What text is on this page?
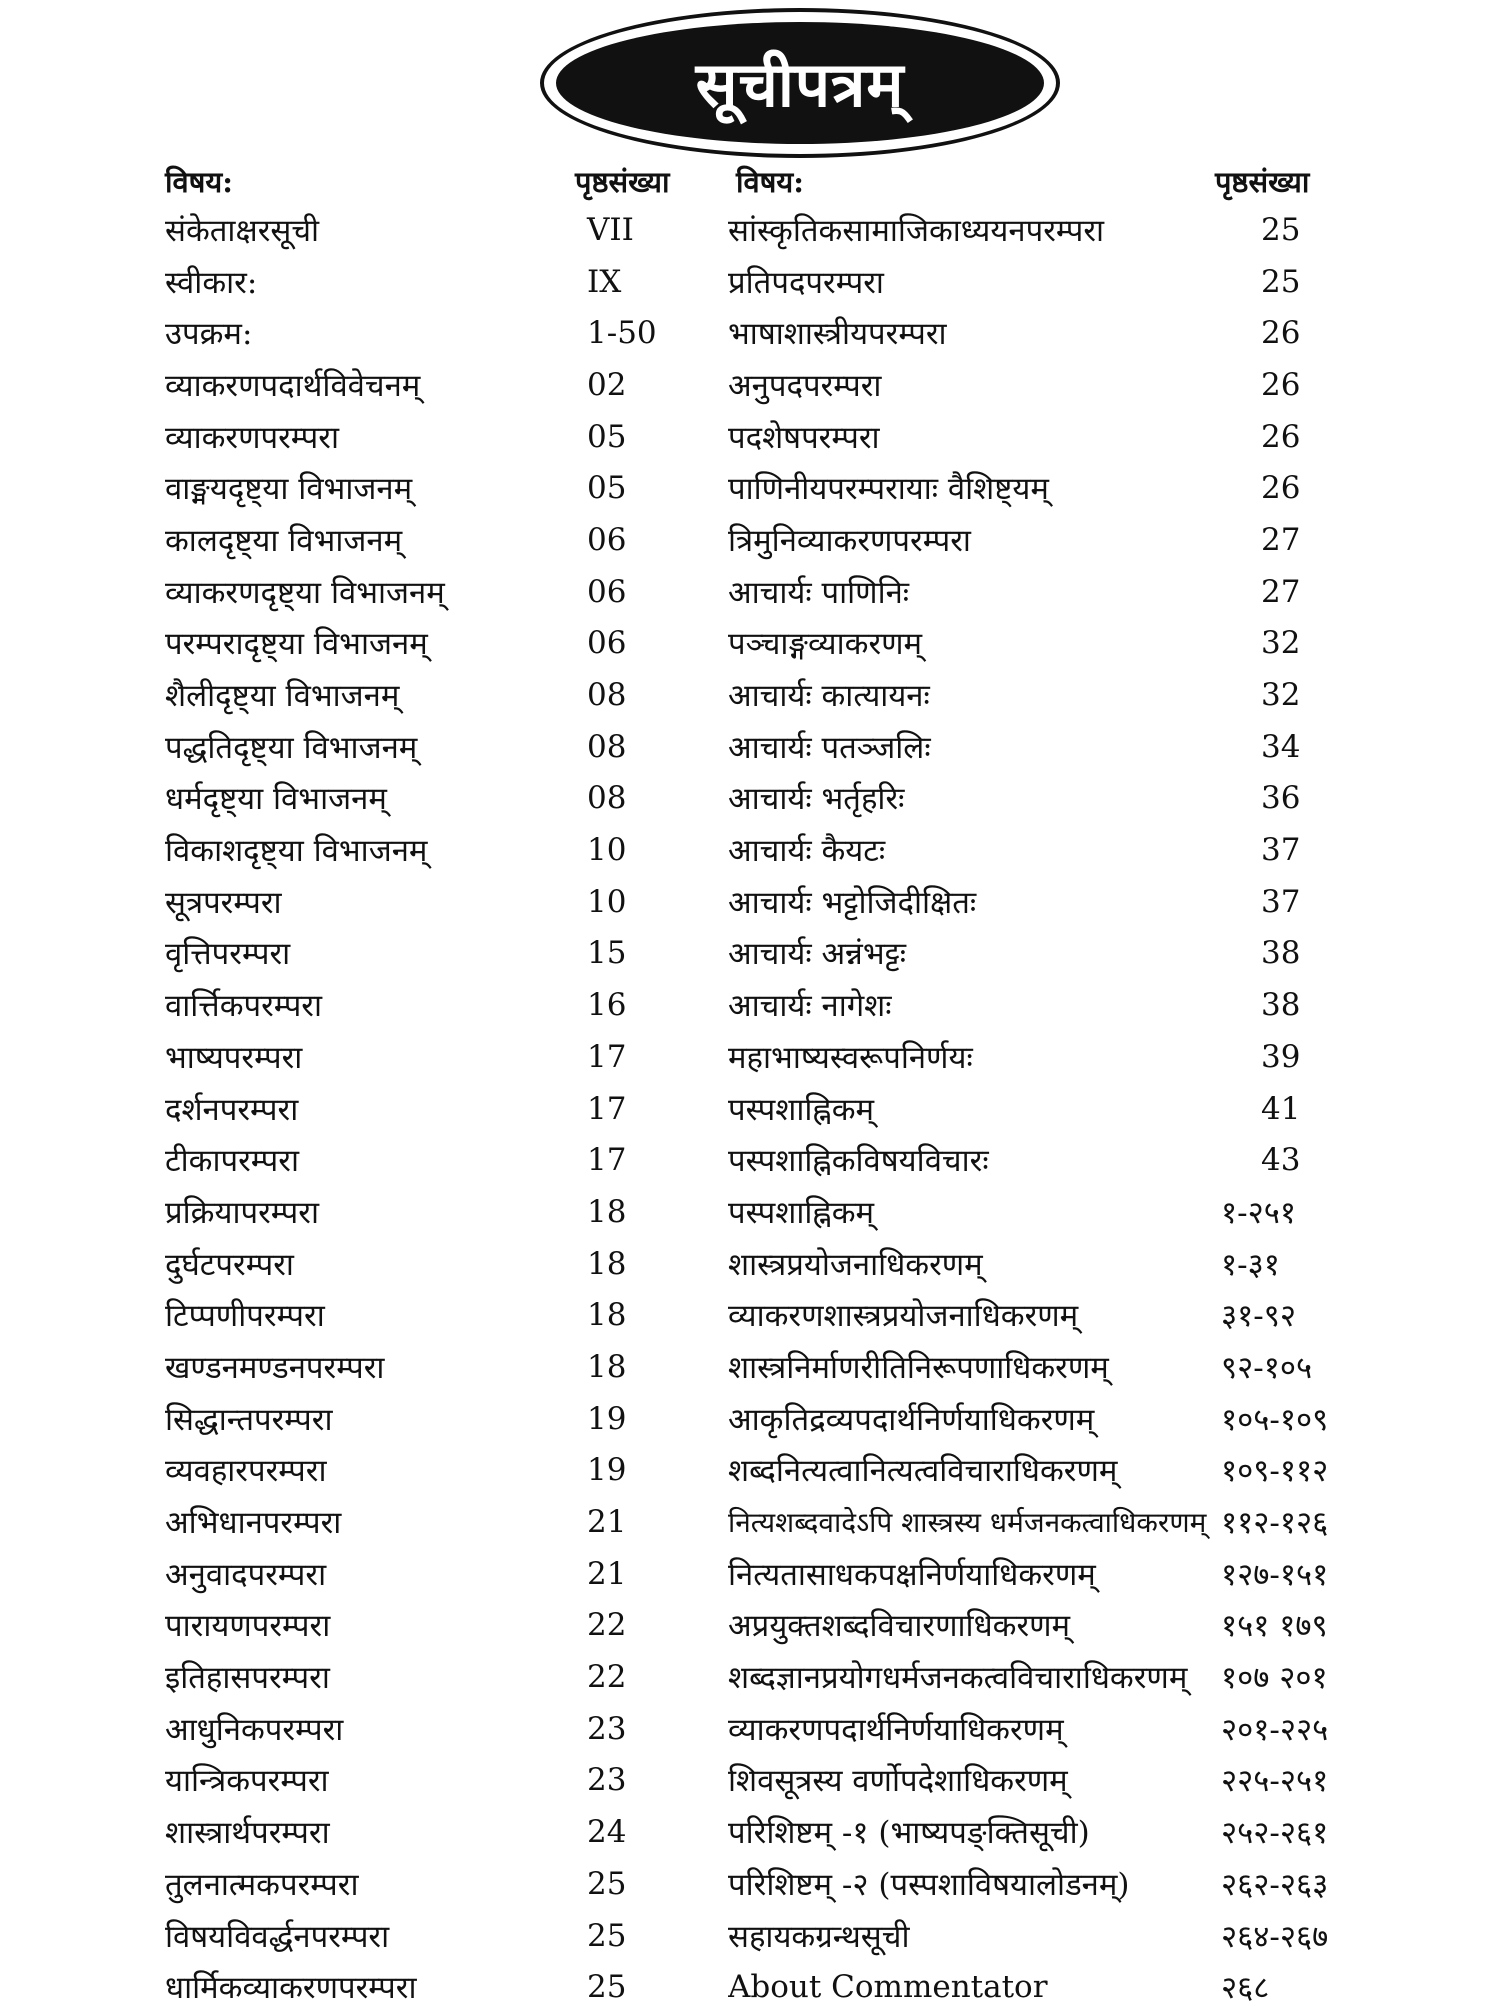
सूचीपत्रम्
विषय:	पृष्ठसंख्या
संकेताक्षरसूची	VII
स्वीकार:	IX
उपक्रम:	1-50
व्याकरणपदार्थविवेचनम्	02
व्याकरणपरम्परा	05
वाङ्मयदृष्ट्या विभाजनम्	05
कालदृष्ट्या विभाजनम्	06
व्याकरणदृष्ट्या विभाजनम्	06
परम्परादृष्ट्या विभाजनम्	06
शैलीदृष्ट्या विभाजनम्	08
पद्धतिदृष्ट्या विभाजनम्	08
धर्मदृष्ट्या विभाजनम्	08
विकाशदृष्ट्या विभाजनम्	10
सूत्रपरम्परा	10
वृत्तिपरम्परा	15
वार्त्तिकपरम्परा	16
भाष्यपरम्परा	17
दर्शनपरम्परा	17
टीकापरम्परा	17
प्रक्रियापरम्परा	18
दुर्घटपरम्परा	18
टिप्पणीपरम्परा	18
खण्डनमण्डनपरम्परा	18
सिद्धान्तपरम्परा	19
व्यवहारपरम्परा	19
अभिधानपरम्परा	21
अनुवादपरम्परा	21
पारायणपरम्परा	22
इतिहासपरम्परा	22
आधुनिकपरम्परा	23
यान्त्रिकपरम्परा	23
शास्त्रार्थपरम्परा	24
तुलनात्मकपरम्परा	25
विषयविवर्द्धनपरम्परा	25
धार्मिकव्याकरणपरम्परा	25
विषय:	पृष्ठसंख्या
सांस्कृतिकसामाजिकाध्ययनपरम्परा	25
प्रतिपदपरम्परा	25
भाषाशास्त्रीयपरम्परा	26
अनुपदपरम्परा	26
पदशेषपरम्परा	26
पाणिनीयपरम्परायाः वैशिष्ट्यम्	26
त्रिमुनिव्याकरणपरम्परा	27
आचार्यः पाणिनिः	27
पञ्चाङ्गव्याकरणम्	32
आचार्यः कात्यायनः	32
आचार्यः पतञ्जलिः	34
आचार्यः भर्तृहरिः	36
आचार्यः कैयटः	37
आचार्यः भट्टोजिदीक्षितः	37
आचार्यः अन्नंभट्टः	38
आचार्यः नागेशः	38
महाभाष्यस्वरूपनिर्णयः	39
पस्पशाह्निकम्	41
पस्पशाह्निकविषयविचारः	43
पस्पशाह्निकम्	१-२५१
शास्त्रप्रयोजनाधिकरणम्	१-३१
व्याकरणशास्त्रप्रयोजनाधिकरणम्	३१-९२
शास्त्रनिर्माणरीतिनिरूपणाधिकरणम्	९२-१०५
आकृतिद्रव्यपदार्थनिर्णयाधिकरणम्	१०५-१०९
शब्दनित्यत्वानित्यत्वविचाराधिकरणम्	१०९-११२
नित्यशब्दवादेऽपि शास्त्रस्य धर्मजनकत्वाधिकरणम् ११२-१२६
नित्यतासाधकपक्षनिर्णयाधिकरणम्	१२७-१५१
अप्रयुक्तशब्दविचारणाधिकरणम्	१५१ १७९
शब्दज्ञानप्रयोगधर्मजनकत्वविचाराधिकरणम्	१०७ २०१
व्याकरणपदार्थनिर्णयाधिकरणम्	२०१-२२५
शिवसूत्रस्य वर्णोपदेशाधिकरणम्	२२५-२५१
परिशिष्टम् -१ (भाष्यपङ्क्तिसूची)	२५२-२६१
परिशिष्टम् -२ (पस्पशाविषयालोडनम्)	२६२-२६३
सहायकग्रन्थसूची	२६४-२६७
About Commentator	२६८
